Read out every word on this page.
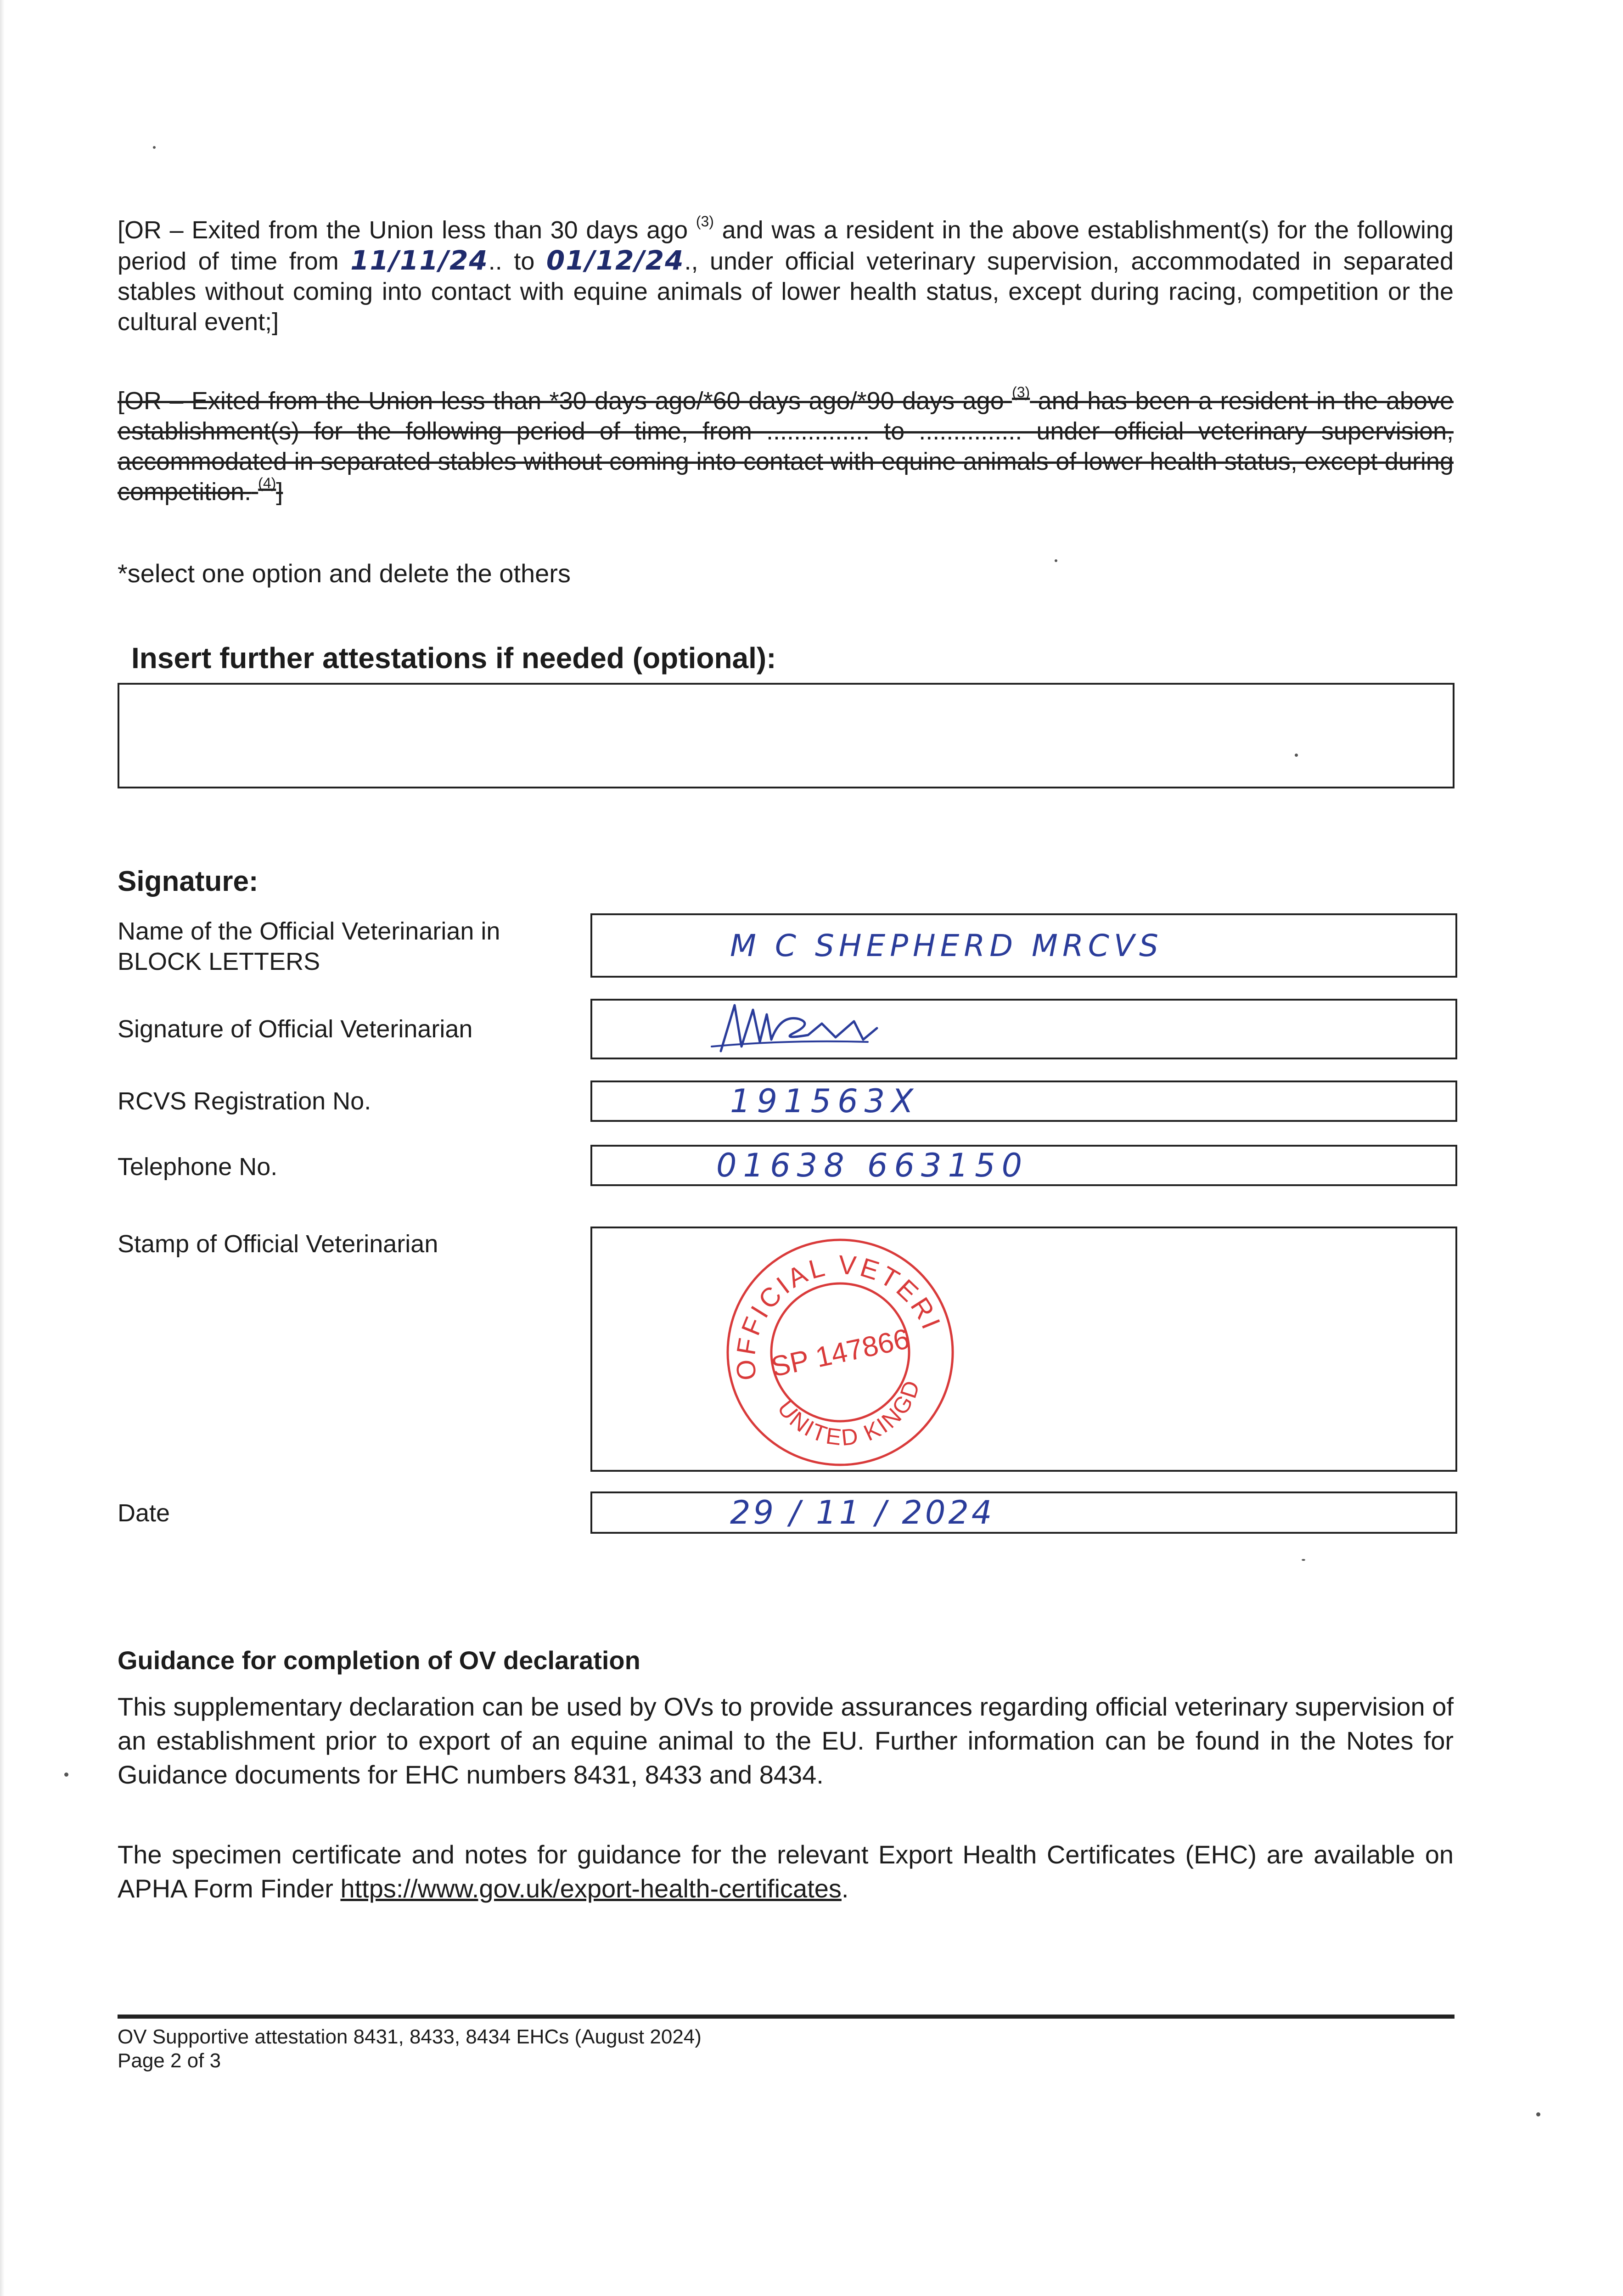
[OR – Exited from the Union less than 30 days ago $^{(3)}$ and was a resident in the above establishment(s) for the following period of time from 11/11/24.. to 01/12/24., under official veterinary supervision, accommodated in separated stables without coming into contact with equine animals of lower health status, except during racing, competition or the cultural event;]

[OR – Exited from the Union less than *30 days ago/*60 days ago/*90 days ago $^{(3)}$ and has been a resident in the above establishment(s) for the following period of time, from ............... to ............... under official veterinary supervision, accommodated in separated stables without coming into contact with equine animals of lower health status, except during competition. $^{(4)}$]

*select one option and delete the others

Insert further attestations if needed (optional):

Signature:

Name of the Official Veterinarian in BLOCK LETTERS	M C SHEPHERD MRCVS

Signature of Official Veterinarian

RCVS Registration No.	191563X

Telephone No.	01638 663150

Stamp of Official Veterinarian

OFFICIAL VETERINARIAN
UNITED KINGDOM
SP 147866

Date	29 / 11 / 2024

Guidance for completion of OV declaration

This supplementary declaration can be used by OVs to provide assurances regarding official veterinary supervision of an establishment prior to export of an equine animal to the EU. Further information can be found in the Notes for Guidance documents for EHC numbers 8431, 8433 and 8434.

The specimen certificate and notes for guidance for the relevant Export Health Certificates (EHC) are available on APHA Form Finder https://www.gov.uk/export-health-certificates.

OV Supportive attestation 8431, 8433, 8434 EHCs (August 2024)

Page 2 of 3
